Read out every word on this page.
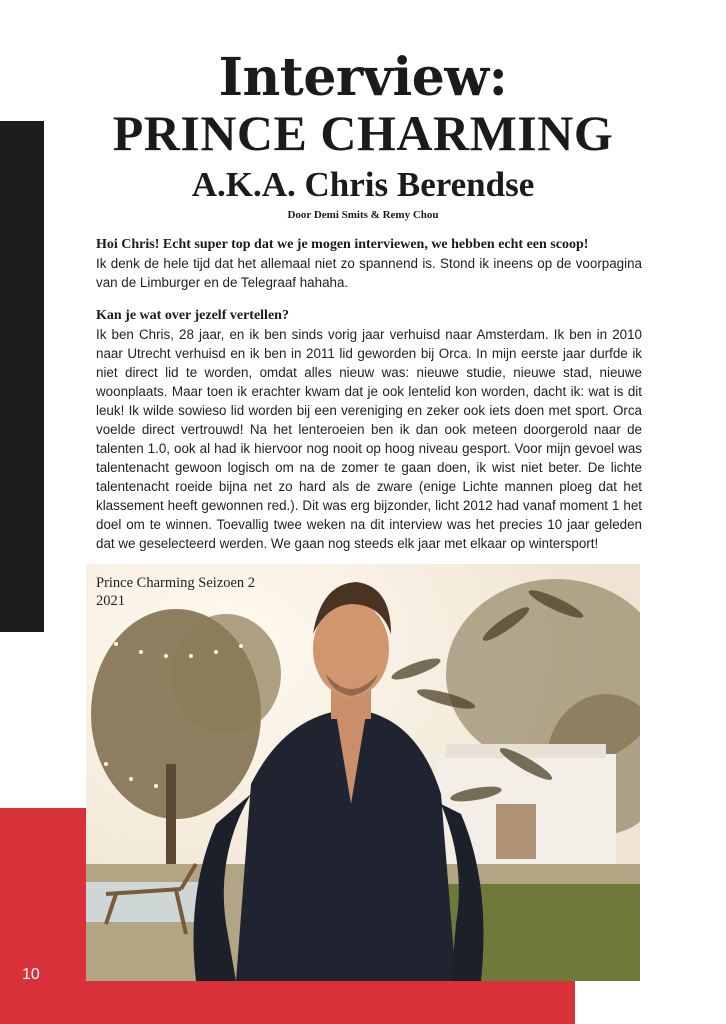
10
Interview:
PRINCE CHARMING
A.K.A. Chris Berendse
Door Demi Smits & Remy Chou

Hoi Chris! Echt super top dat we je mogen interviewen, we hebben echt een scoop!

Ik denk de hele tijd dat het allemaal niet zo spannend is. Stond ik ineens op de voorpagina van de Limburger en de Telegraaf hahaha.

Kan je wat over jezelf vertellen?

Ik ben Chris, 28 jaar, en ik ben sinds vorig jaar verhuisd naar Amsterdam. Ik ben in 2010 naar Utrecht verhuisd en ik ben in 2011 lid geworden bij Orca. In mijn eerste jaar durfde ik niet direct lid te worden, omdat alles nieuw was: nieuwe studie, nieuwe stad, nieuwe woonplaats. Maar toen ik erachter kwam dat je ook lentelid kon worden, dacht ik: wat is dit leuk! Ik wilde sowieso lid worden bij een vereniging en zeker ook iets doen met sport. Orca voelde direct vertrouwd! Na het lenteroeien ben ik dan ook meteen doorgerold naar de talenten 1.0, ook al had ik hiervoor nog nooit op hoog niveau gesport. Voor mijn gevoel was talentenacht gewoon logisch om na de zomer te gaan doen, ik wist niet beter. De lichte talentenacht roeide bijna net zo hard als de zware (enige Lichte mannen ploeg dat het klassement heeft gewonnen red.). Dit was erg bijzonder, licht 2012 had vanaf moment 1 het doel om te winnen. Toevallig twee weken na dit interview was het precies 10 jaar geleden dat we geselecteerd werden. We gaan nog steeds elk jaar met elkaar op wintersport!

Prince Charming Seizoen 2
2021
